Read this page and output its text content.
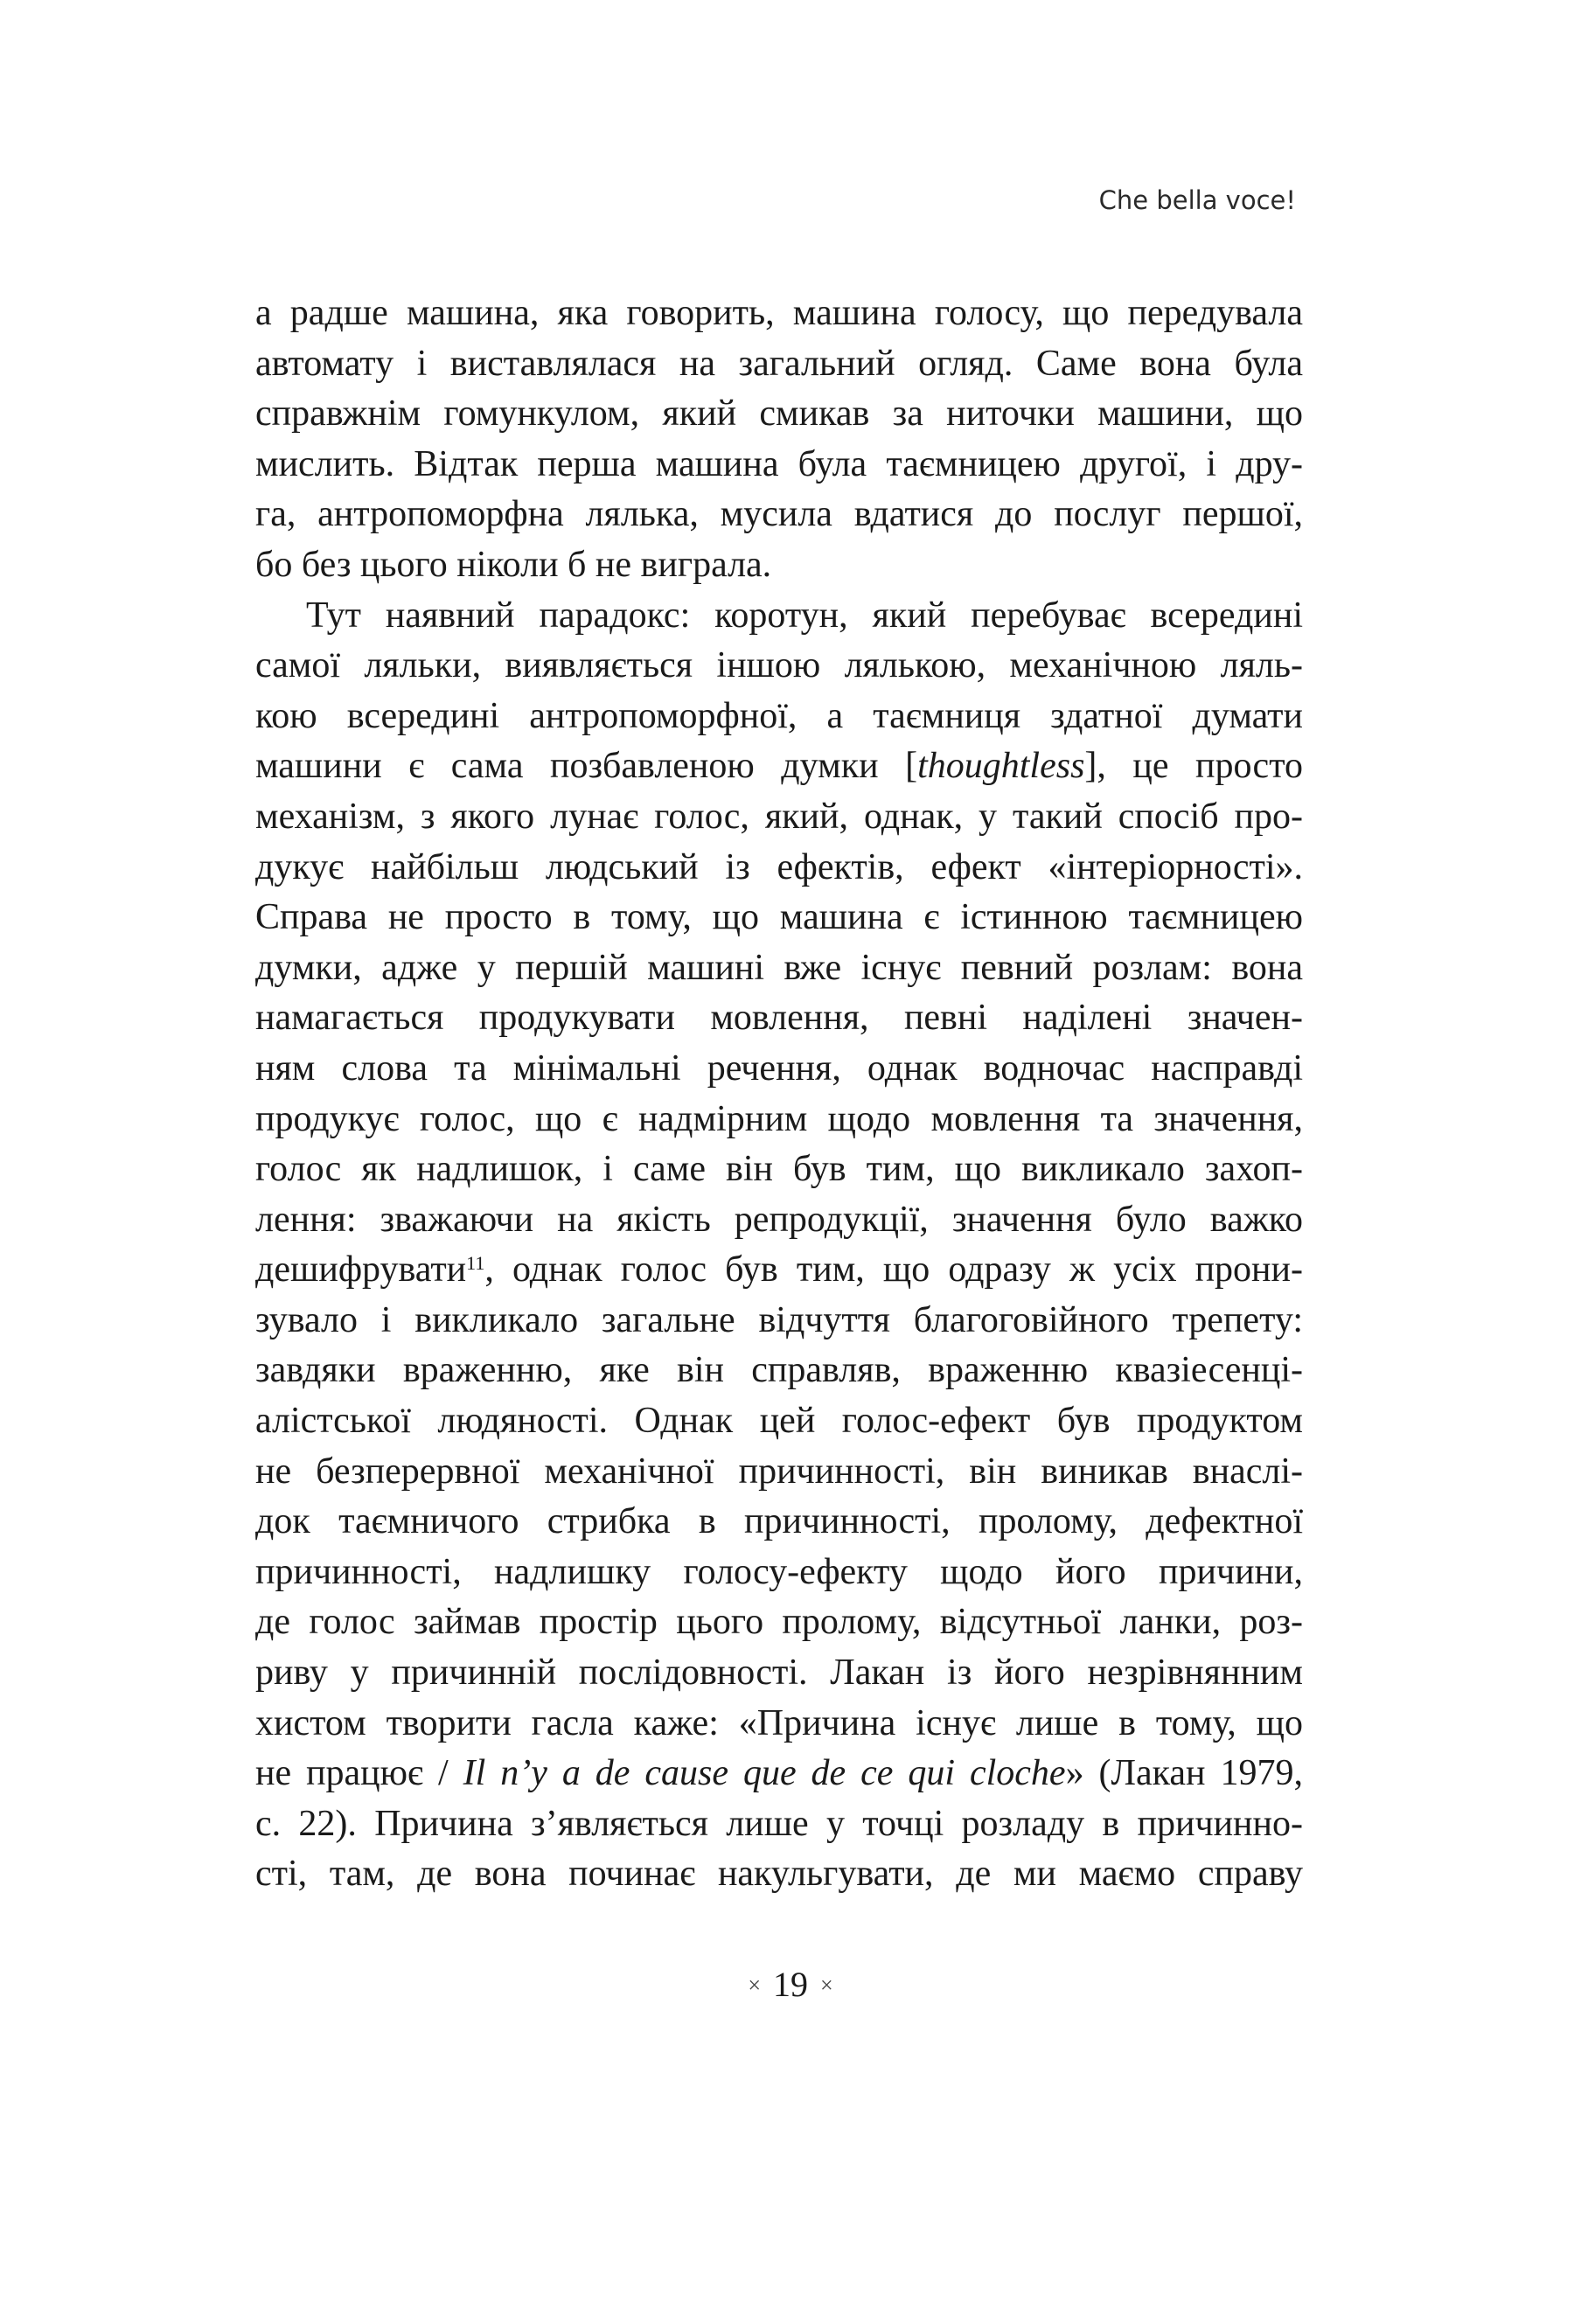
Che bella voce!
а радше машина, яка говорить, машина голосу, що передувала
автомату і виставлялася на загальний огляд. Саме вона була
справжнім гомункулом, який смикав за ниточки машини, що
мислить. Відтак перша машина була таємницею другої, і дру-
га, антропоморфна лялька, мусила вдатися до послуг першої,
бо без цього ніколи б не виграла.
Тут наявний парадокс: коротун, який перебуває всередині
самої ляльки, виявляється іншою лялькою, механічною ляль-
кою всередині антропоморфної, а таємниця здатної думати
машини є сама позбавленою думки [thoughtless], це просто
механізм, з якого лунає голос, який, однак, у такий спосіб про-
дукує найбільш людський із ефектів, ефект «інтеріорності».
Справа не просто в тому, що машина є істинною таємницею
думки, адже у першій машині вже існує певний розлам: вона
намагається продукувати мовлення, певні наділені значен-
ням слова та мінімальні речення, однак водночас насправді
продукує голос, що є надмірним щодо мовлення та значення,
голос як надлишок, і саме він був тим, що викликало захоп-
лення: зважаючи на якість репродукції, значення було важко
дешифрувати$^{11}$, однак голос був тим, що одразу ж усіх прони-
зувало і викликало загальне відчуття благоговійного трепету:
завдяки враженню, яке він справляв, враженню квазіесенці-
алістської людяності. Однак цей голос-ефект був продуктом
не безперервної механічної причинності, він виникав внаслі-
док таємничого стрибка в причинності, пролому, дефектної
причинності, надлишку голосу-ефекту щодо його причини,
де голос займав простір цього пролому, відсутньої ланки, роз-
риву у причинній послідовності. Лакан із його незрівнянним
хистом творити гасла каже: «Причина існує лише в тому, що
не працює / Il n’y a de cause que de ce qui cloche» (Лакан 1979,
с. 22). Причина з’являється лише у точці розладу в причинно-
сті, там, де вона починає накульгувати, де ми маємо справу
× 19 ×
